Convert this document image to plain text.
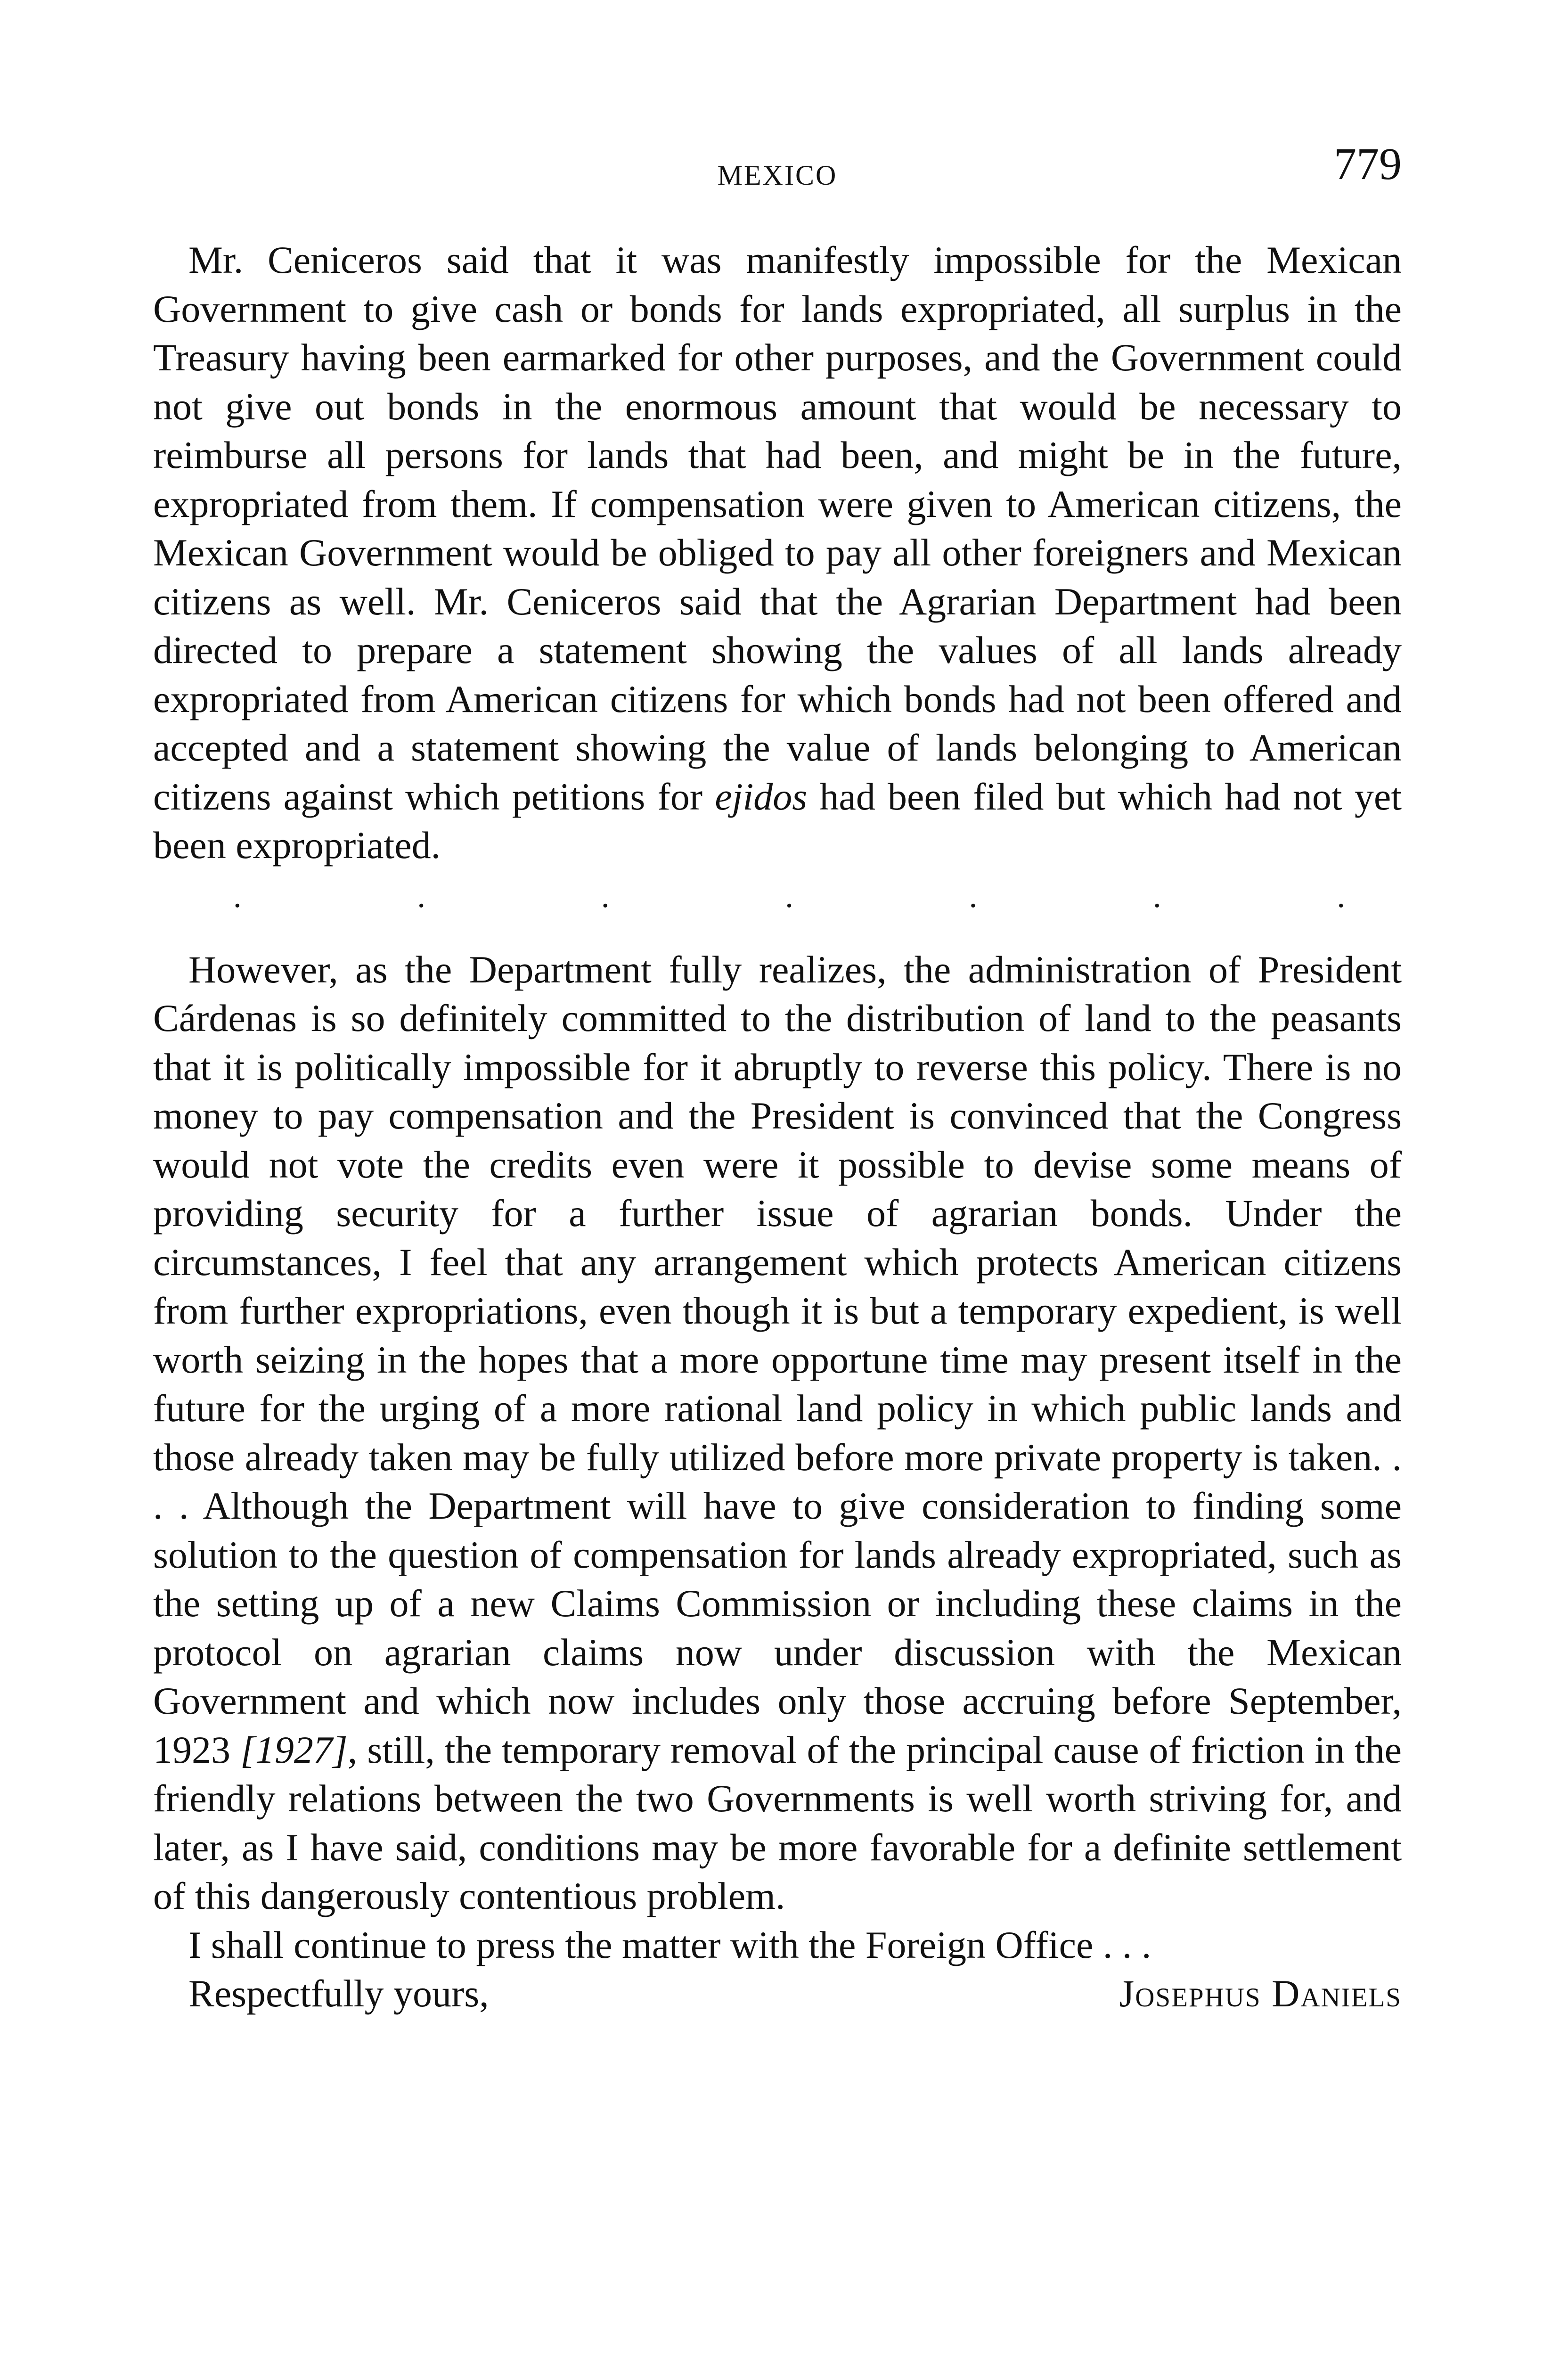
MEXICO	779

Mr. Ceniceros said that it was manifestly impossible for the Mexican Government to give cash or bonds for lands expropriated, all surplus in the Treasury having been earmarked for other purposes, and the Government could not give out bonds in the enormous amount that would be necessary to reimburse all persons for lands that had been, and might be in the future, expropriated from them. If compensation were given to American citizens, the Mexican Government would be obliged to pay all other foreigners and Mexican citizens as well. Mr. Ceniceros said that the Agrarian Department had been directed to prepare a statement showing the values of all lands already expropriated from American citizens for which bonds had not been offered and accepted and a statement showing the value of lands belonging to American citizens against which petitions for ejidos had been filed but which had not yet been expropriated.

.	.	.	.	.	.	.

However, as the Department fully realizes, the administration of President Cárdenas is so definitely committed to the distribution of land to the peasants that it is politically impossible for it abruptly to reverse this policy. There is no money to pay compensation and the President is convinced that the Congress would not vote the credits even were it possible to devise some means of providing security for a further issue of agrarian bonds. Under the circumstances, I feel that any arrangement which protects American citizens from further expropriations, even though it is but a temporary expedient, is well worth seizing in the hopes that a more opportune time may present itself in the future for the urging of a more rational land policy in which public lands and those already taken may be fully utilized before more private property is taken. . . . Although the Department will have to give consideration to finding some solution to the question of compensation for lands already expropriated, such as the setting up of a new Claims Commission or including these claims in the protocol on agrarian claims now under discussion with the Mexican Government and which now includes only those accruing before September, 1923 [1927], still, the temporary removal of the principal cause of friction in the friendly relations between the two Governments is well worth striving for, and later, as I have said, conditions may be more favorable for a definite settlement of this dangerously contentious problem.

I shall continue to press the matter with the Foreign Office . . .

Respectfully yours,	Josephus Daniels
